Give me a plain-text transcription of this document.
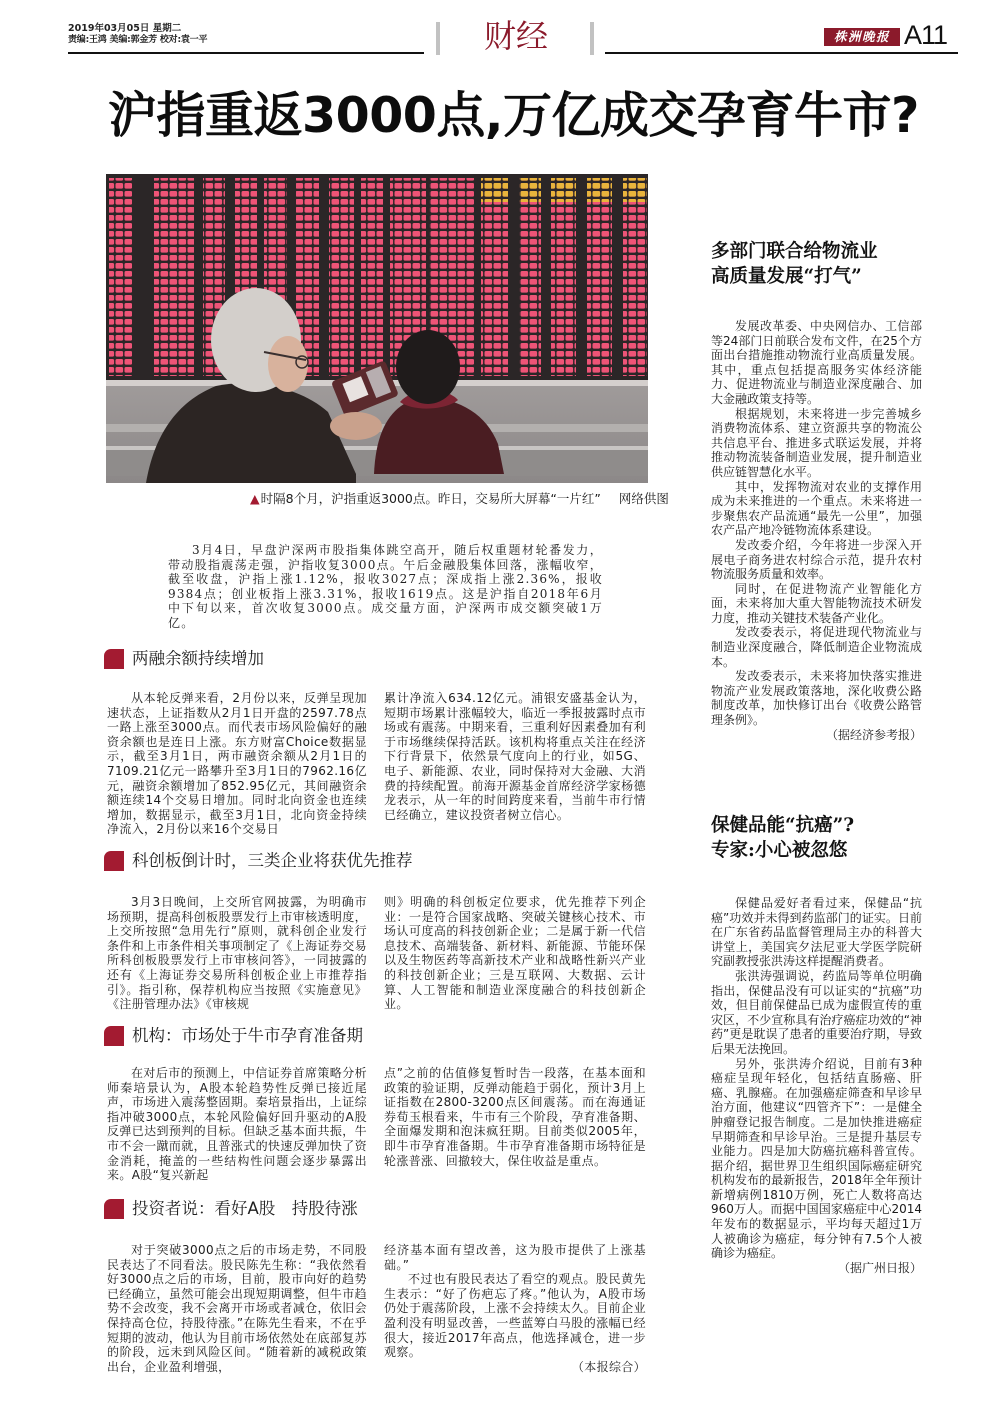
2019年03月05日 星期二
责编:王鸿 美编:郭金芳 校对:袁一平	财经	株洲晚报 A11
沪指重返3000点,万亿成交孕育牛市?
▲时隔8个月，沪指重返3000点。昨日，交易所大屏幕“一片红” 网络供图

3月4日，早盘沪深两市股指集体跳空高开，随后权重题材轮番发力，带动股指震荡走强，沪指收复3000点。午后金融股集体回落，涨幅收窄，截至收盘，沪指上涨1.12%，报收3027点；深成指上涨2.36%，报收9384点；创业板指上涨3.31%，报收1619点。这是沪指自2018年6月中下旬以来，首次收复3000点。成交量方面，沪深两市成交额突破1万亿。

两融余额持续增加

从本轮反弹来看，2月份以来，反弹呈现加速状态，上证指数从2月1日开盘的2597.78点一路上涨至3000点。而代表市场风险偏好的融资余额也是连日上涨。东方财富Choice数据显示，截至3月1日，两市融资余额从2月1日的7109.21亿元一路攀升至3月1日的7962.16亿元，融资余额增加了852.95亿元，其间融资余额连续14个交易日增加。同时北向资金也连续增加，数据显示，截至3月1日，北向资金持续净流入，2月份以来16个交易日

累计净流入634.12亿元。浦银安盛基金认为，短期市场累计涨幅较大，临近一季报披露时点市场或有震荡。中期来看，三重利好因素叠加有利于市场继续保持活跃。该机构将重点关注在经济下行背景下，依然景气度向上的行业，如5G、电子、新能源、农业，同时保持对大金融、大消费的持续配置。前海开源基金首席经济学家杨德龙表示，从一年的时间跨度来看，当前牛市行情已经确立，建议投资者树立信心。

科创板倒计时，三类企业将获优先推荐

3月3日晚间，上交所官网披露，为明确市场预期，提高科创板股票发行上市审核透明度，上交所按照“急用先行”原则，就科创企业发行条件和上市条件相关事项制定了《上海证券交易所科创板股票发行上市审核问答》，一同披露的还有《上海证券交易所科创板企业上市推荐指引》。指引称，保荐机构应当按照《实施意见》《注册管理办法》《审核规

则》明确的科创板定位要求，优先推荐下列企业：一是符合国家战略、突破关键核心技术、市场认可度高的科技创新企业；二是属于新一代信息技术、高端装备、新材料、新能源、节能环保以及生物医药等高新技术产业和战略性新兴产业的科技创新企业；三是互联网、大数据、云计算、人工智能和制造业深度融合的科技创新企业。

机构：市场处于牛市孕育准备期

在对后市的预测上，中信证券首席策略分析师秦培景认为，A股本轮趋势性反弹已接近尾声，市场进入震荡整固期。秦培景指出，上证综指冲破3000点，本轮风险偏好回升驱动的A股反弹已达到预判的目标。但缺乏基本面共振，牛市不会一蹴而就，且普涨式的快速反弹加快了资金消耗，掩盖的一些结构性问题会逐步暴露出来。A股“复兴新起

点”之前的估值修复暂时告一段落，在基本面和政策的验证期，反弹动能趋于弱化，预计3月上证指数在2800-3200点区间震荡。而在海通证券荀玉根看来，牛市有三个阶段，孕育准备期、全面爆发期和泡沫疯狂期。目前类似2005年，即牛市孕育准备期。牛市孕育准备期市场特征是轮涨普涨、回撤较大，保住收益是重点。

投资者说：看好A股　持股待涨

对于突破3000点之后的市场走势，不同股民表达了不同看法。股民陈先生称：“我依然看好3000点之后的市场，目前，股市向好的趋势已经确立，虽然可能会出现短期调整，但牛市趋势不会改变，我不会离开市场或者减仓，依旧会保持高仓位，持股待涨。”在陈先生看来，不在乎短期的波动，他认为目前市场依然处在底部复苏的阶段，远未到风险区间。“随着新的减税政策出台，企业盈利增强，

经济基本面有望改善，这为股市提供了上涨基础。”

不过也有股民表达了看空的观点。股民黄先生表示：“好了伤疤忘了疼。”他认为，A股市场仍处于震荡阶段，上涨不会持续太久。目前企业盈利没有明显改善，一些蓝筹白马股的涨幅已经很大，接近2017年高点，他选择减仓，进一步观察。

（本报综合）

多部门联合给物流业
高质量发展“打气”

发展改革委、中央网信办、工信部等24部门日前联合发布文件，在25个方面出台措施推动物流行业高质量发展。其中，重点包括提高服务实体经济能力、促进物流业与制造业深度融合、加大金融政策支持等。

根据规划，未来将进一步完善城乡消费物流体系、建立资源共享的物流公共信息平台、推进多式联运发展，并将推动物流装备制造业发展，提升制造业供应链智慧化水平。

其中，发挥物流对农业的支撑作用成为未来推进的一个重点。未来将进一步聚焦农产品流通“最先一公里”，加强农产品产地冷链物流体系建设。

发改委介绍，今年将进一步深入开展电子商务进农村综合示范，提升农村物流服务质量和效率。

同时，在促进物流产业智能化方面，未来将加大重大智能物流技术研发力度，推动关键技术装备产业化。

发改委表示，将促进现代物流业与制造业深度融合，降低制造企业物流成本。

发改委表示，未来将加快落实推进物流产业发展政策落地，深化收费公路制度改革，加快修订出台《收费公路管理条例》。

（据经济参考报）

保健品能“抗癌”?
专家:小心被忽悠

保健品爱好者看过来，保健品“抗癌”功效并未得到药监部门的证实。日前在广东省药品监督管理局主办的科普大讲堂上，美国宾夕法尼亚大学医学院研究副教授张洪涛这样提醒消费者。

张洪涛强调说，药监局等单位明确指出，保健品没有可以证实的“抗癌”功效，但目前保健品已成为虚假宣传的重灾区，不少宣称具有治疗癌症功效的“神药”更是耽误了患者的重要治疗期，导致后果无法挽回。

另外，张洪涛介绍说，目前有3种癌症呈现年轻化，包括结直肠癌、肝癌、乳腺癌。在加强癌症筛查和早诊早治方面，他建议“四管齐下”：一是健全肿瘤登记报告制度。二是加快推进癌症早期筛查和早诊早治。三是提升基层专业能力。四是加大防癌抗癌科普宣传。据介绍，据世界卫生组织国际癌症研究机构发布的最新报告，2018年全年预计新增病例1810万例，死亡人数将高达960万人。而据中国国家癌症中心2014年发布的数据显示，平均每天超过1万人被确诊为癌症，每分钟有7.5个人被确诊为癌症。

（据广州日报）
